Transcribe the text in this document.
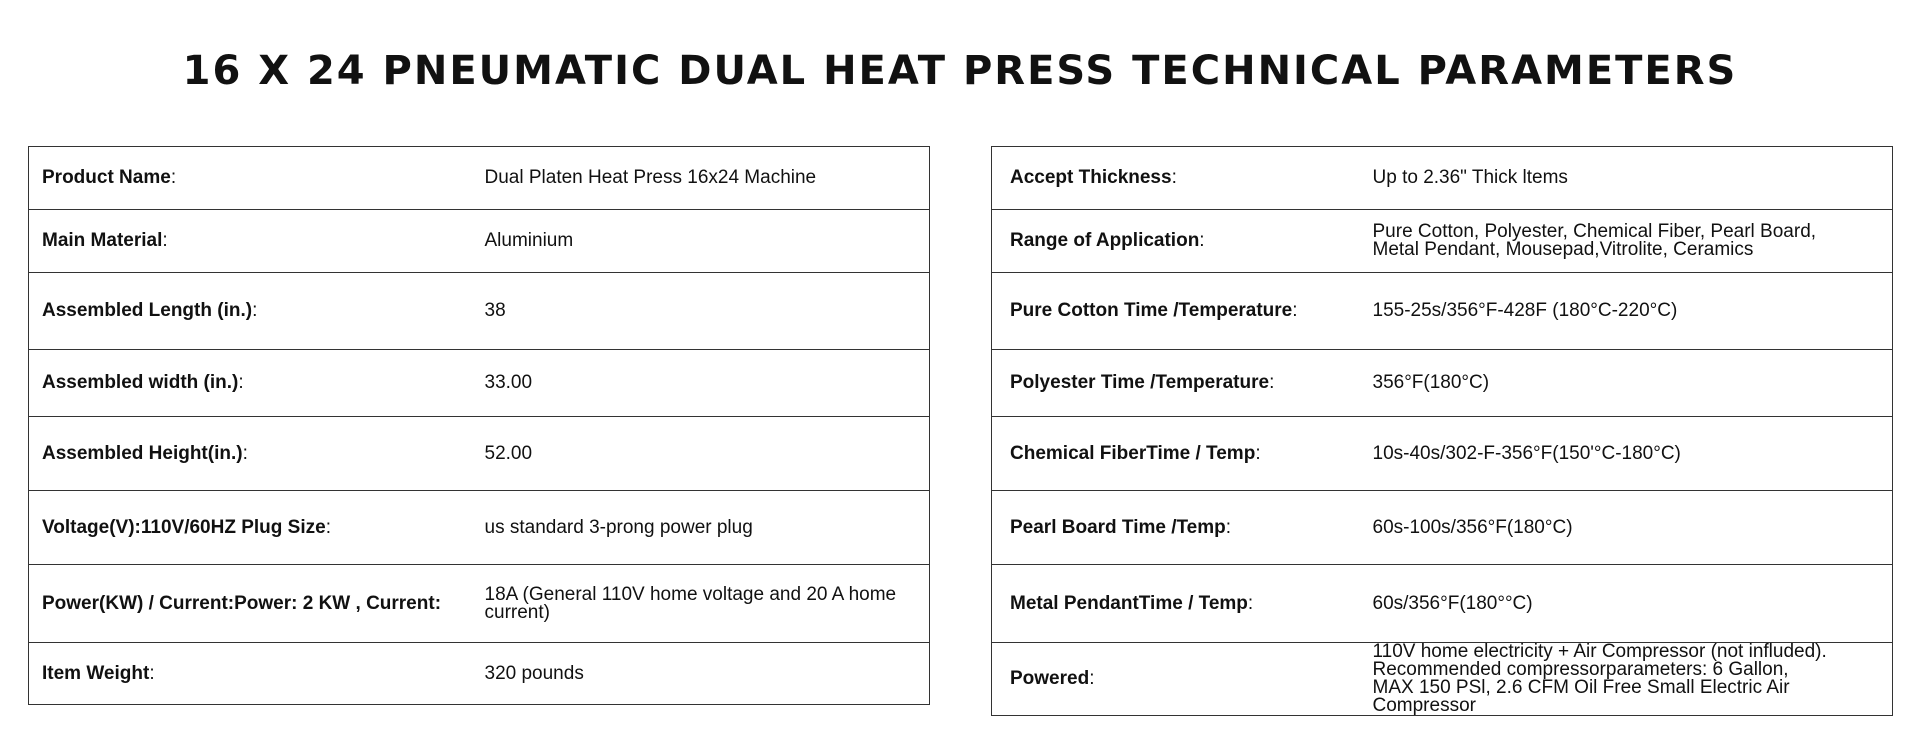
16 X 24 PNEUMATIC DUAL HEAT PRESS TECHNICAL PARAMETERS
Product Name:	Dual Platen Heat Press 16x24 Machine
Main Material:	Aluminium
Assembled Length (in.):	38
Assembled width (in.):	33.00
Assembled Height(in.):	52.00
Voltage(V):110V/60HZ Plug Size:	us standard 3-prong power plug
Power(KW) / Current:Power: 2 KW , Current:	18A (General 110V home voltage and 20 A home current)
Item Weight:	320 pounds
Accept Thickness:	Up to 2.36" Thick ltems
Range of Application:	Pure Cotton, Polyester, Chemical Fiber, Pearl Board,
Metal Pendant, Mousepad,Vitrolite, Ceramics
Pure Cotton Time /Temperature:	155-25s/356°F-428F (180°C-220°C)
Polyester Time /Temperature:	356°F(180°C)
Chemical FiberTime / Temp:	10s-40s/302-F-356°F(150'°C-180°C)
Pearl Board Time /Temp:	60s-100s/356°F(180°C)
Metal PendantTime / Temp:	60s/356°F(180°°C)
Powered:	110V home electricity + Air Compressor (not influded).
Recommended compressorparameters: 6 Gallon,
MAX 150 PSl, 2.6 CFM Oil Free Small Electric Air Compressor
